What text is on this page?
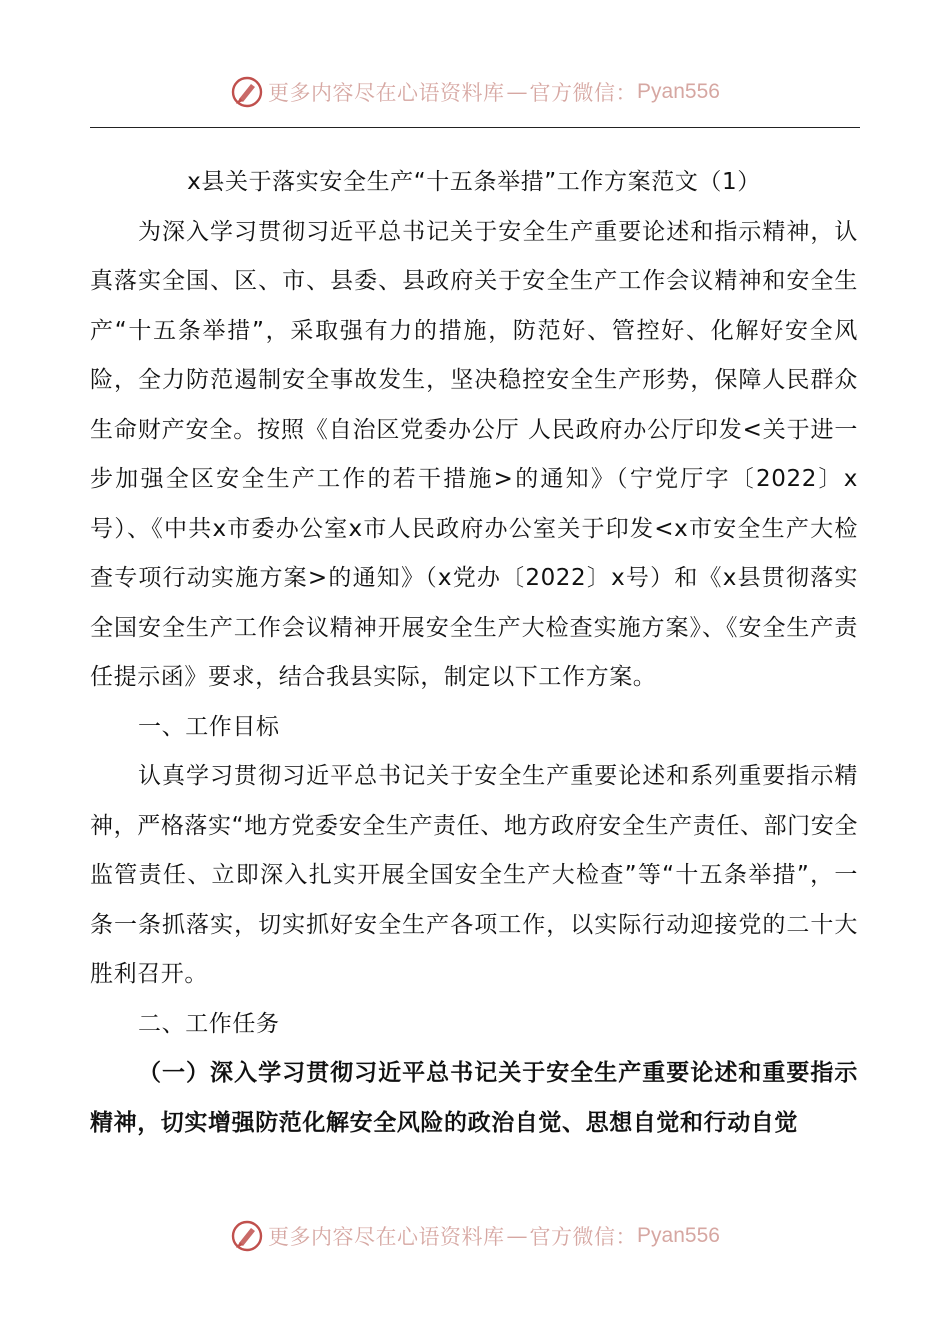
更多内容尽在心语资料库 — 官方微信： Pyan556

x县关于落实安全生产“十五条举措”工作方案范文（1）

为深入学习贯彻习近平总书记关于安全生产重要论述和指示精神，认真落实全国、区、市、县委、县政府关于安全生产工作会议精神和安全生产“十五条举措”，采取强有力的措施，防范好、管控好、化解好安全风险，全力防范遏制安全事故发生，坚决稳控安全生产形势，保障人民群众生命财产安全。按照《自治区党委办公厅 人民政府办公厅印发<关于进一步加强全区安全生产工作的若干措施>的通知》（宁党厅字〔2022〕x号）、《中共x市委办公室x市人民政府办公室关于印发<x市安全生产大检查专项行动实施方案>的通知》（x党办〔2022〕x号）和《x县贯彻落实全国安全生产工作会议精神开展安全生产大检查实施方案》、《安全生产责任提示函》要求，结合我县实际，制定以下工作方案。

一、工作目标

认真学习贯彻习近平总书记关于安全生产重要论述和系列重要指示精神，严格落实“地方党委安全生产责任、地方政府安全生产责任、部门安全监管责任、立即深入扎实开展全国安全生产大检查”等“十五条举措”，一条一条抓落实，切实抓好安全生产各项工作，以实际行动迎接党的二十大胜利召开。

二、工作任务

（一）深入学习贯彻习近平总书记关于安全生产重要论述和重要指示精神，切实增强防范化解安全风险的政治自觉、思想自觉和行动自觉

更多内容尽在心语资料库 — 官方微信： Pyan556
